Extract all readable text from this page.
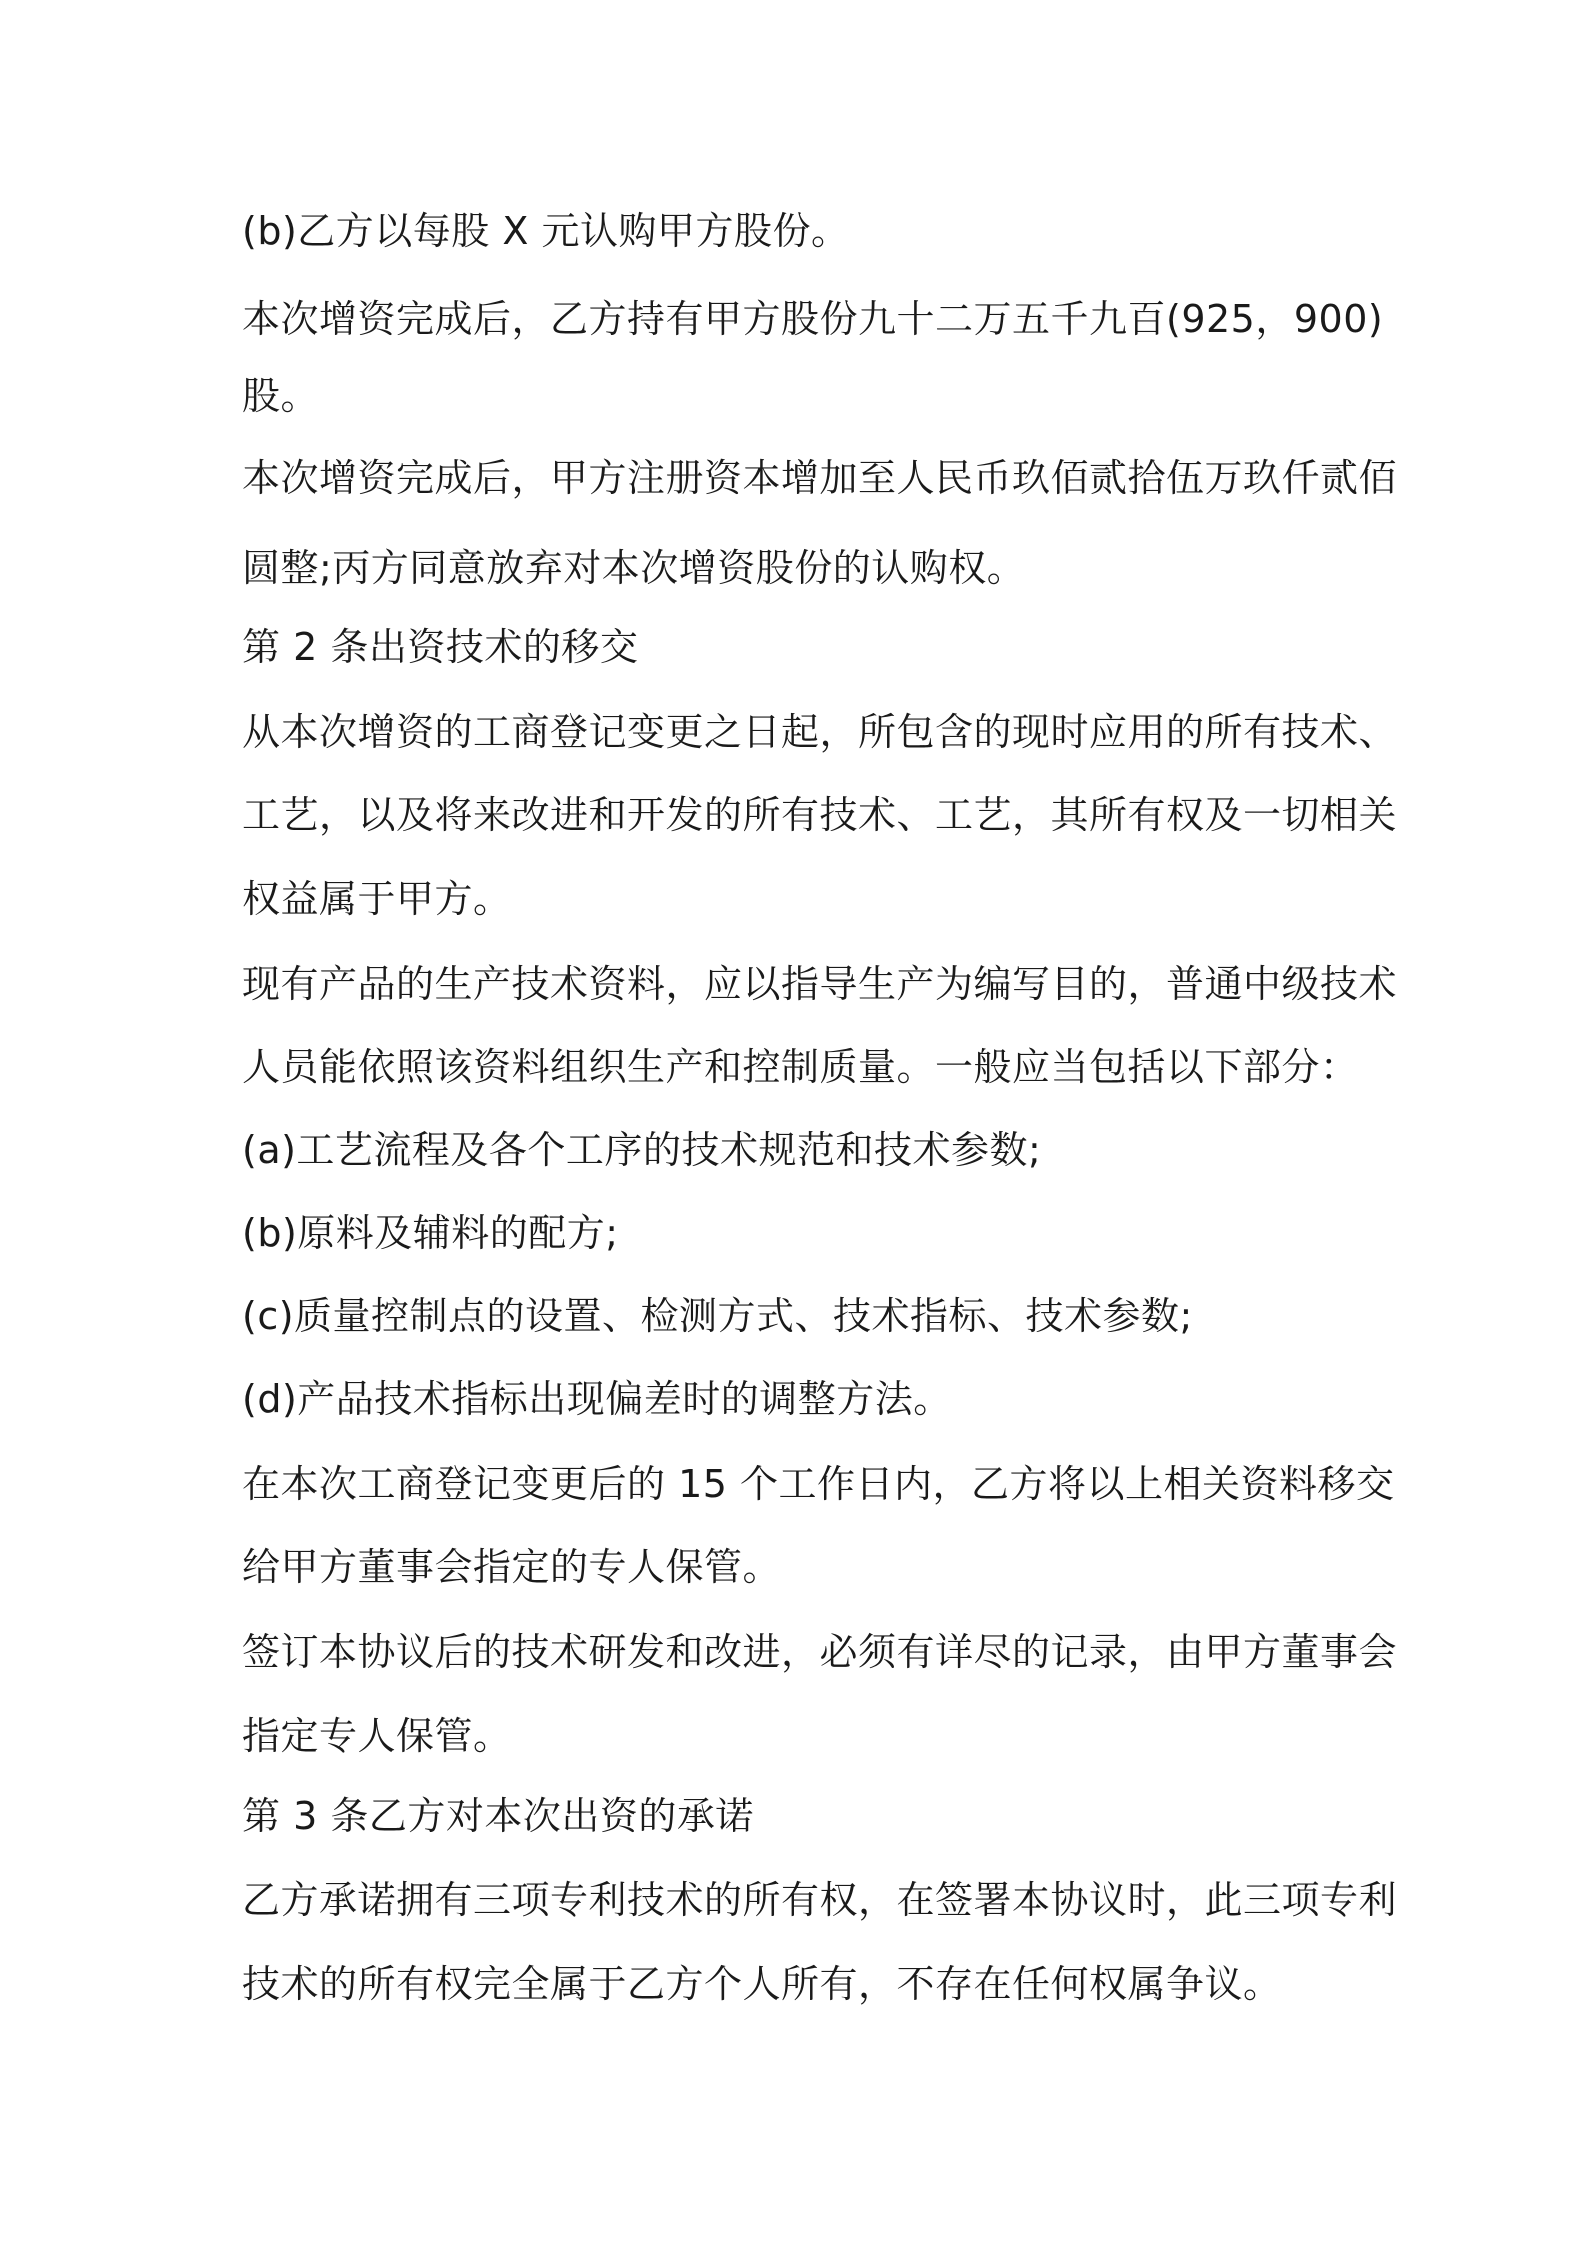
(b)乙方以每股 X 元认购甲方股份。

本次增资完成后，乙方持有甲方股份九十二万五千九百(925，900)

股。

本次增资完成后，甲方注册资本增加至人民币玖佰贰拾伍万玖仟贰佰

圆整;丙方同意放弃对本次增资股份的认购权。

第 2 条出资技术的移交

从本次增资的工商登记变更之日起，所包含的现时应用的所有技术、

工艺，以及将来改进和开发的所有技术、工艺，其所有权及一切相关

权益属于甲方。

现有产品的生产技术资料，应以指导生产为编写目的，普通中级技术

人员能依照该资料组织生产和控制质量。一般应当包括以下部分：

(a)工艺流程及各个工序的技术规范和技术参数;

(b)原料及辅料的配方;

(c)质量控制点的设置、检测方式、技术指标、技术参数;

(d)产品技术指标出现偏差时的调整方法。

在本次工商登记变更后的 15 个工作日内，乙方将以上相关资料移交

给甲方董事会指定的专人保管。

签订本协议后的技术研发和改进，必须有详尽的记录，由甲方董事会

指定专人保管。

第 3 条乙方对本次出资的承诺

乙方承诺拥有三项专利技术的所有权，在签署本协议时，此三项专利

技术的所有权完全属于乙方个人所有，不存在任何权属争议。
